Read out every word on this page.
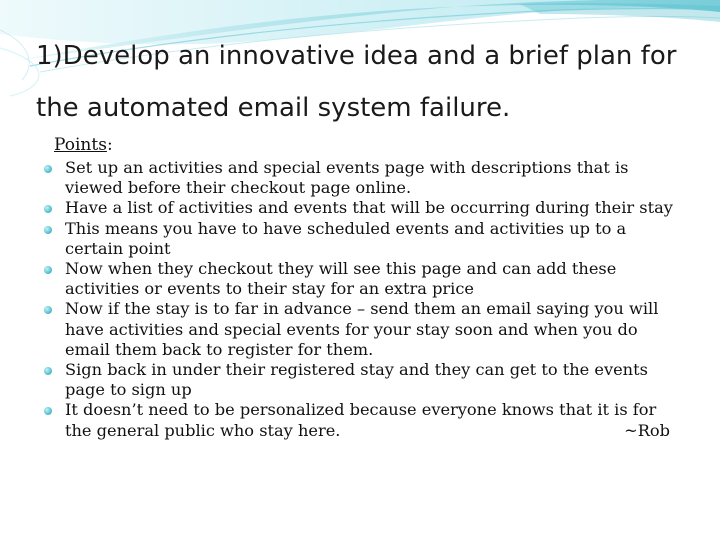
1)Develop an innovative idea and a brief plan for the automated email system failure.
Points:
Set up an activities and special events page with descriptions that is viewed before their checkout page online.
Have a list of activities and events that will be occurring during their stay
This means you have to have scheduled events and activities up to a certain point
Now when they checkout they will see this page and can add these activities or events to their stay for an extra price
Now if the stay is to far in advance – send them an email saying you will have activities and special events for your stay soon and when you do email them back to register for them.
Sign back in under their registered stay and they can get to the events page to sign up
It doesn’t need to be personalized because everyone knows that it is for the general public who stay here.	~Rob
